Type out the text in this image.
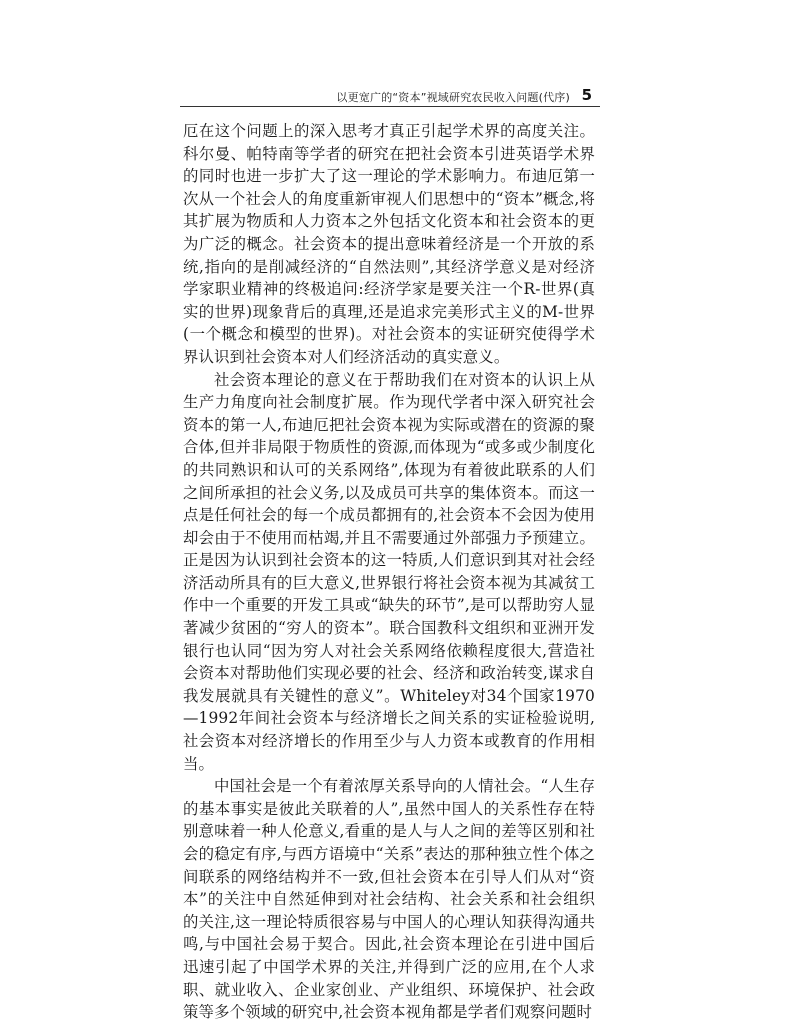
以更宽广的“资本”视域研究农民收入问题(代序) 5

厄在这个问题上的深入思考才真正引起学术界的高度关注。科尔曼、帕特南等学者的研究在把社会资本引进英语学术界的同时也进一步扩大了这一理论的学术影响力。布迪厄第一次从一个社会人的角度重新审视人们思想中的“资本”概念,将其扩展为物质和人力资本之外包括文化资本和社会资本的更为广泛的概念。社会资本的提出意味着经济是一个开放的系统,指向的是削减经济的“自然法则”,其经济学意义是对经济学家职业精神的终极追问:经济学家是要关注一个R-世界(真实的世界)现象背后的真理,还是追求完美形式主义的M-世界(一个概念和模型的世界)。对社会资本的实证研究使得学术界认识到社会资本对人们经济活动的真实意义。

社会资本理论的意义在于帮助我们在对资本的认识上从生产力角度向社会制度扩展。作为现代学者中深入研究社会资本的第一人,布迪厄把社会资本视为实际或潜在的资源的聚合体,但并非局限于物质性的资源,而体现为“或多或少制度化的共同熟识和认可的关系网络”,体现为有着彼此联系的人们之间所承担的社会义务,以及成员可共享的集体资本。而这一点是任何社会的每一个成员都拥有的,社会资本不会因为使用却会由于不使用而枯竭,并且不需要通过外部强力予预建立。正是因为认识到社会资本的这一特质,人们意识到其对社会经济活动所具有的巨大意义,世界银行将社会资本视为其减贫工作中一个重要的开发工具或“缺失的环节”,是可以帮助穷人显著减少贫困的“穷人的资本”。联合国教科文组织和亚洲开发银行也认同“因为穷人对社会关系网络依赖程度很大,营造社会资本对帮助他们实现必要的社会、经济和政治转变,谋求自我发展就具有关键性的意义”。Whiteley对34个国家1970—1992年间社会资本与经济增长之间关系的实证检验说明,社会资本对经济增长的作用至少与人力资本或教育的作用相当。

中国社会是一个有着浓厚关系导向的人情社会。“人生存的基本事实是彼此关联着的人”,虽然中国人的关系性存在特别意味着一种人伦意义,看重的是人与人之间的差等区别和社会的稳定有序,与西方语境中“关系”表达的那种独立性个体之间联系的网络结构并不一致,但社会资本在引导人们从对“资本”的关注中自然延伸到对社会结构、社会关系和社会组织的关注,这一理论特质很容易与中国人的心理认知获得沟通共鸣,与中国社会易于契合。因此,社会资本理论在引进中国后迅速引起了中国学术界的关注,并得到广泛的应用,在个人求职、就业收入、企业家创业、产业组织、环境保护、社会政策等多个领域的研究中,社会资本视角都是学者们观察问题时
